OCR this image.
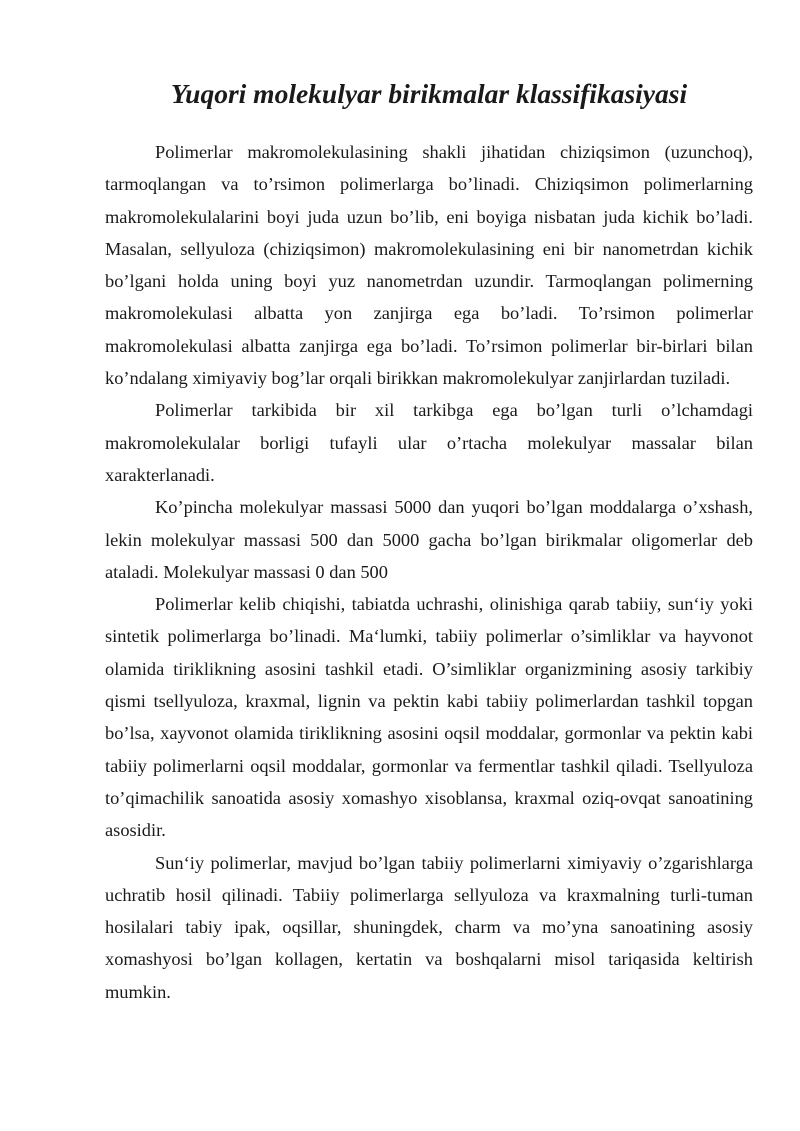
Yuqori molekulyar birikmalar klassifikasiyasi

Polimerlar makromolekulasining shakli jihatidan chiziqsimon (uzunchoq), tarmoqlangan va to’rsimon polimerlarga bo’linadi. Chiziqsimon polimerlarning makromolekulalarini boyi juda uzun bo’lib, eni boyiga nisbatan juda kichik bo’ladi. Masalan, sellyuloza (chiziqsimon) makromolekulasining eni bir nanometrdan kichik bo’lgani holda uning boyi yuz nanometrdan uzundir. Tarmoqlangan polimerning makromolekulasi albatta yon zanjirga ega bo’ladi. To’rsimon polimerlar makromolekulasi albatta zanjirga ega bo’ladi. To’rsimon polimerlar bir-birlari bilan ko’ndalang ximiyaviy bog’lar orqali birikkan makromolekulyar zanjirlardan tuziladi.

Polimerlar tarkibida bir xil tarkibga ega bo’lgan turli o’lchamdagi makromolekulalar borligi tufayli ular o’rtacha molekulyar massalar bilan xarakterlanadi.

Ko’pincha molekulyar massasi 5000 dan yuqori bo’lgan moddalarga o’xshash, lekin molekulyar massasi 500 dan 5000 gacha bo’lgan birikmalar oligomerlar deb ataladi. Molekulyar massasi 0 dan 500

Polimerlar kelib chiqishi, tabiatda uchrashi, olinishiga qarab tabiiy, sun‘iy yoki sintetik polimerlarga bo’linadi. Ma‘lumki, tabiiy polimerlar o’simliklar va hayvonot olamida tiriklikning asosini tashkil etadi. O’simliklar organizmining asosiy tarkibiy qismi tsellyuloza, kraxmal, lignin va pektin kabi tabiiy polimerlardan tashkil topgan bo’lsa, xayvonot olamida tiriklikning asosini oqsil moddalar, gormonlar va pektin kabi tabiiy polimerlarni oqsil moddalar, gormonlar va fermentlar tashkil qiladi. Tsellyuloza to’qimachilik sanoatida asosiy xomashyo xisoblansa, kraxmal oziq-ovqat sanoatining asosidir.

Sun‘iy polimerlar, mavjud bo’lgan tabiiy polimerlarni ximiyaviy o’zgarishlarga uchratib hosil qilinadi. Tabiiy polimerlarga sellyuloza va kraxmalning turli-tuman hosilalari tabiy ipak, oqsillar, shuningdek, charm va mo’yna sanoatining asosiy xomashyosi bo’lgan kollagen, kertatin va boshqalarni misol tariqasida keltirish mumkin.
